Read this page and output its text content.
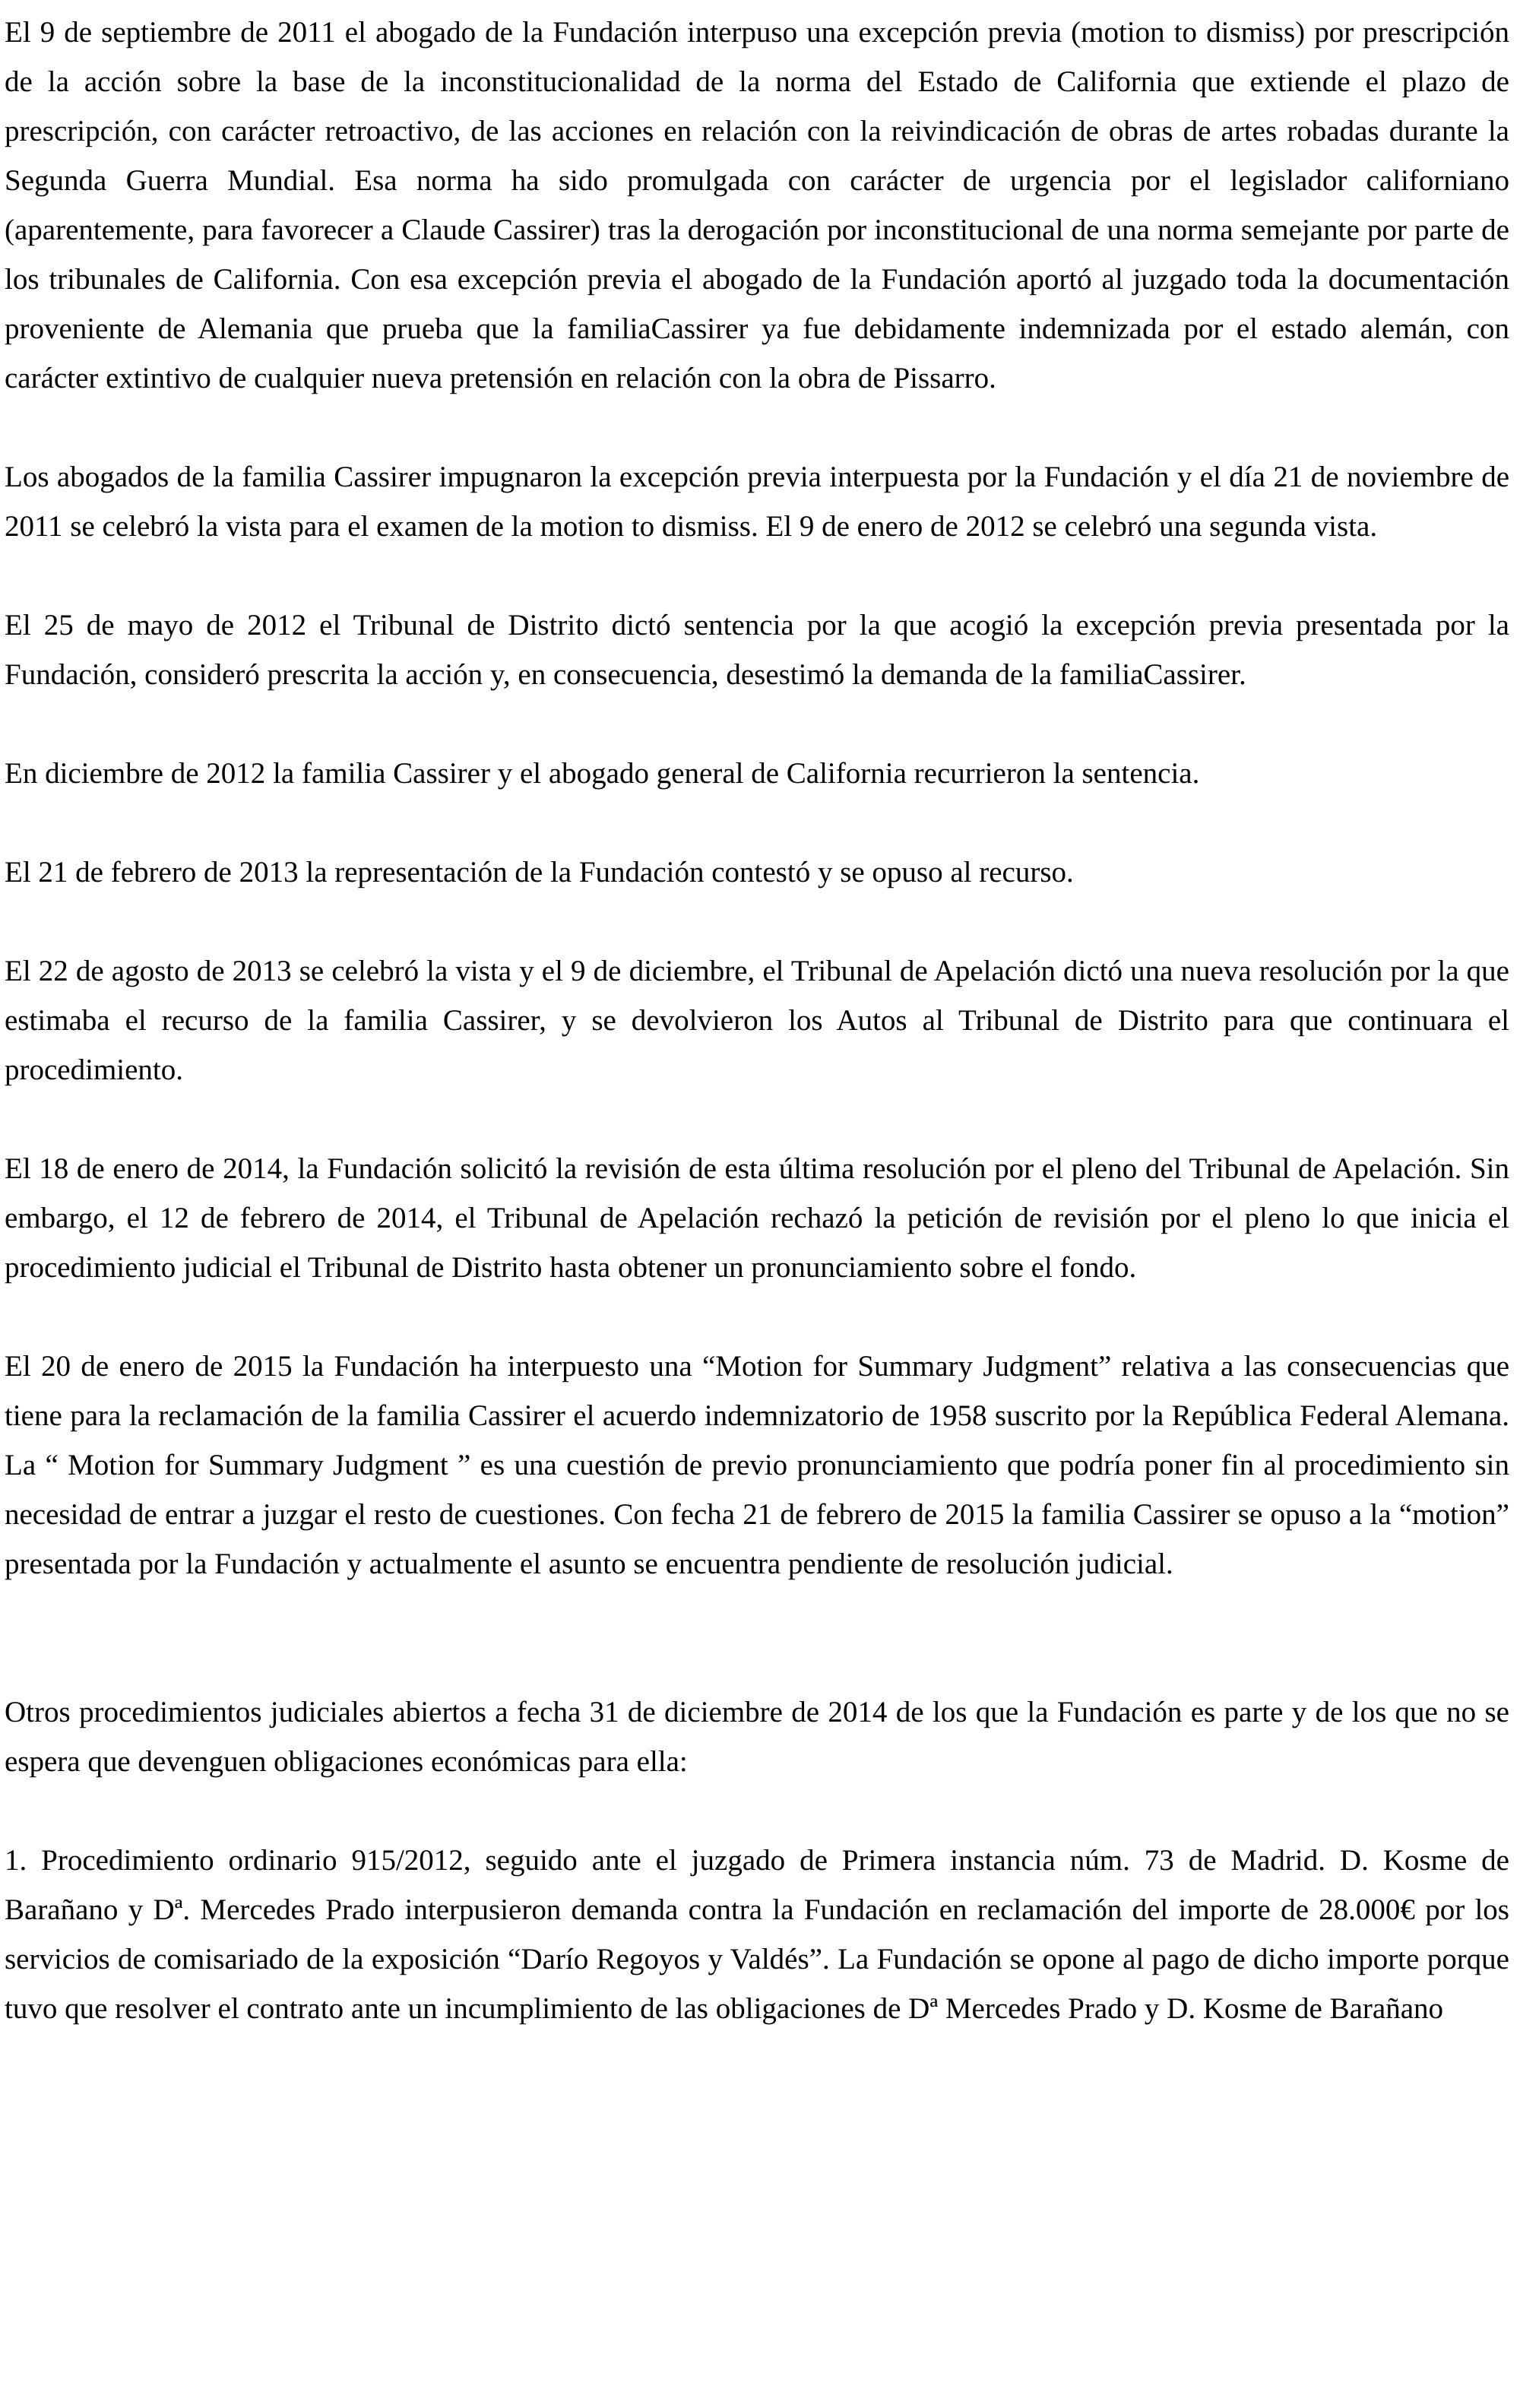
El 9 de septiembre de 2011 el abogado de la Fundación interpuso una excepción previa (motion to dismiss) por prescripción de la acción sobre la base de la inconstitucionalidad de la norma del Estado de California que extiende el plazo de prescripción, con carácter retroactivo, de las acciones en relación con la reivindicación de obras de artes robadas durante la Segunda Guerra Mundial. Esa norma ha sido promulgada con carácter de urgencia por el legislador californiano (aparentemente, para favorecer a Claude Cassirer) tras la derogación por inconstitucional de una norma semejante por parte de los tribunales de California. Con esa excepción previa el abogado de la Fundación aportó al juzgado toda la documentación proveniente de Alemania que prueba que la familiaCassirer ya fue debidamente indemnizada por el estado alemán, con carácter extintivo de cualquier nueva pretensión en relación con la obra de Pissarro.

Los abogados de la familia Cassirer impugnaron la excepción previa interpuesta por la Fundación y el día 21 de noviembre de 2011 se celebró la vista para el examen de la motion to dismiss. El 9 de enero de 2012 se celebró una segunda vista.

El 25 de mayo de 2012 el Tribunal de Distrito dictó sentencia por la que acogió la excepción previa presentada por la Fundación, consideró prescrita la acción y, en consecuencia, desestimó la demanda de la familiaCassirer.

En diciembre de 2012 la familia Cassirer y el abogado general de California recurrieron la sentencia.

El 21 de febrero de 2013 la representación de la Fundación contestó y se opuso al recurso.

El 22 de agosto de 2013 se celebró la vista y el 9 de diciembre, el Tribunal de Apelación dictó una nueva resolución por la que estimaba el recurso de la familia Cassirer, y se devolvieron los Autos al Tribunal de Distrito para que continuara el procedimiento.

El 18 de enero de 2014, la Fundación solicitó la revisión de esta última resolución por el pleno del Tribunal de Apelación. Sin embargo, el 12 de febrero de 2014, el Tribunal de Apelación rechazó la petición de revisión por el pleno lo que inicia el procedimiento judicial el Tribunal de Distrito hasta obtener un pronunciamiento sobre el fondo.

El 20 de enero de 2015 la Fundación ha interpuesto una “Motion for Summary Judgment” relativa a las consecuencias que tiene para la reclamación de la familia Cassirer el acuerdo indemnizatorio de 1958 suscrito por la República Federal Alemana. La “ Motion for Summary Judgment ” es una cuestión de previo pronunciamiento que podría poner fin al procedimiento sin necesidad de entrar a juzgar el resto de cuestiones. Con fecha 21 de febrero de 2015 la familia Cassirer se opuso a la “motion” presentada por la Fundación y actualmente el asunto se encuentra pendiente de resolución judicial.

Otros procedimientos judiciales abiertos a fecha 31 de diciembre de 2014 de los que la Fundación es parte y de los que no se espera que devenguen obligaciones económicas para ella:

1. Procedimiento ordinario 915/2012, seguido ante el juzgado de Primera instancia núm. 73 de Madrid. D. Kosme de Barañano y Dª. Mercedes Prado interpusieron demanda contra la Fundación en reclamación del importe de 28.000€ por los servicios de comisariado de la exposición “Darío Regoyos y Valdés”. La Fundación se opone al pago de dicho importe porque tuvo que resolver el contrato ante un incumplimiento de las obligaciones de Dª Mercedes Prado y D. Kosme de Barañano
